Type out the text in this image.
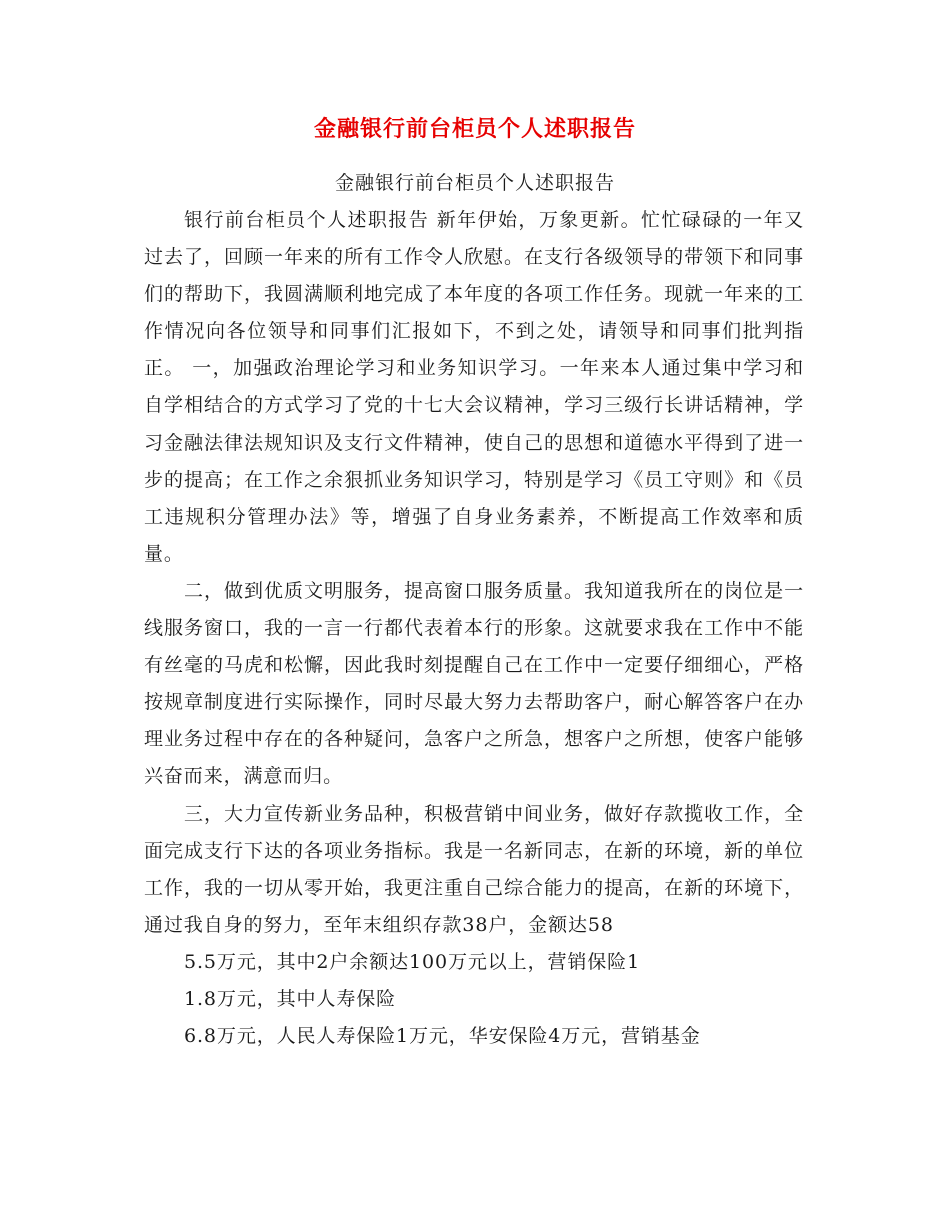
金融银行前台柜员个人述职报告
金融银行前台柜员个人述职报告

银行前台柜员个人述职报告 新年伊始，万象更新。忙忙碌碌的一年又过去了，回顾一年来的所有工作令人欣慰。在支行各级领导的带领下和同事们的帮助下，我圆满顺利地完成了本年度的各项工作任务。现就一年来的工作情况向各位领导和同事们汇报如下，不到之处，请领导和同事们批判指正。 一，加强政治理论学习和业务知识学习。一年来本人通过集中学习和自学相结合的方式学习了党的十七大会议精神，学习三级行长讲话精神，学习金融法律法规知识及支行文件精神，使自己的思想和道德水平得到了进一步的提高；在工作之余狠抓业务知识学习，特别是学习《员工守则》和《员工违规积分管理办法》等，增强了自身业务素养，不断提高工作效率和质量。

二，做到优质文明服务，提高窗口服务质量。我知道我所在的岗位是一线服务窗口，我的一言一行都代表着本行的形象。这就要求我在工作中不能有丝毫的马虎和松懈，因此我时刻提醒自己在工作中一定要仔细细心，严格按规章制度进行实际操作，同时尽最大努力去帮助客户，耐心解答客户在办理业务过程中存在的各种疑问，急客户之所急，想客户之所想，使客户能够兴奋而来，满意而归。

三，大力宣传新业务品种，积极营销中间业务，做好存款揽收工作，全面完成支行下达的各项业务指标。我是一名新同志，在新的环境，新的单位工作，我的一切从零开始，我更注重自己综合能力的提高，在新的环境下，通过我自身的努力，至年末组织存款38户，金额达58

5.5万元，其中2户余额达100万元以上，营销保险1

1.8万元，其中人寿保险

6.8万元，人民人寿保险1万元，华安保险4万元，营销基金
